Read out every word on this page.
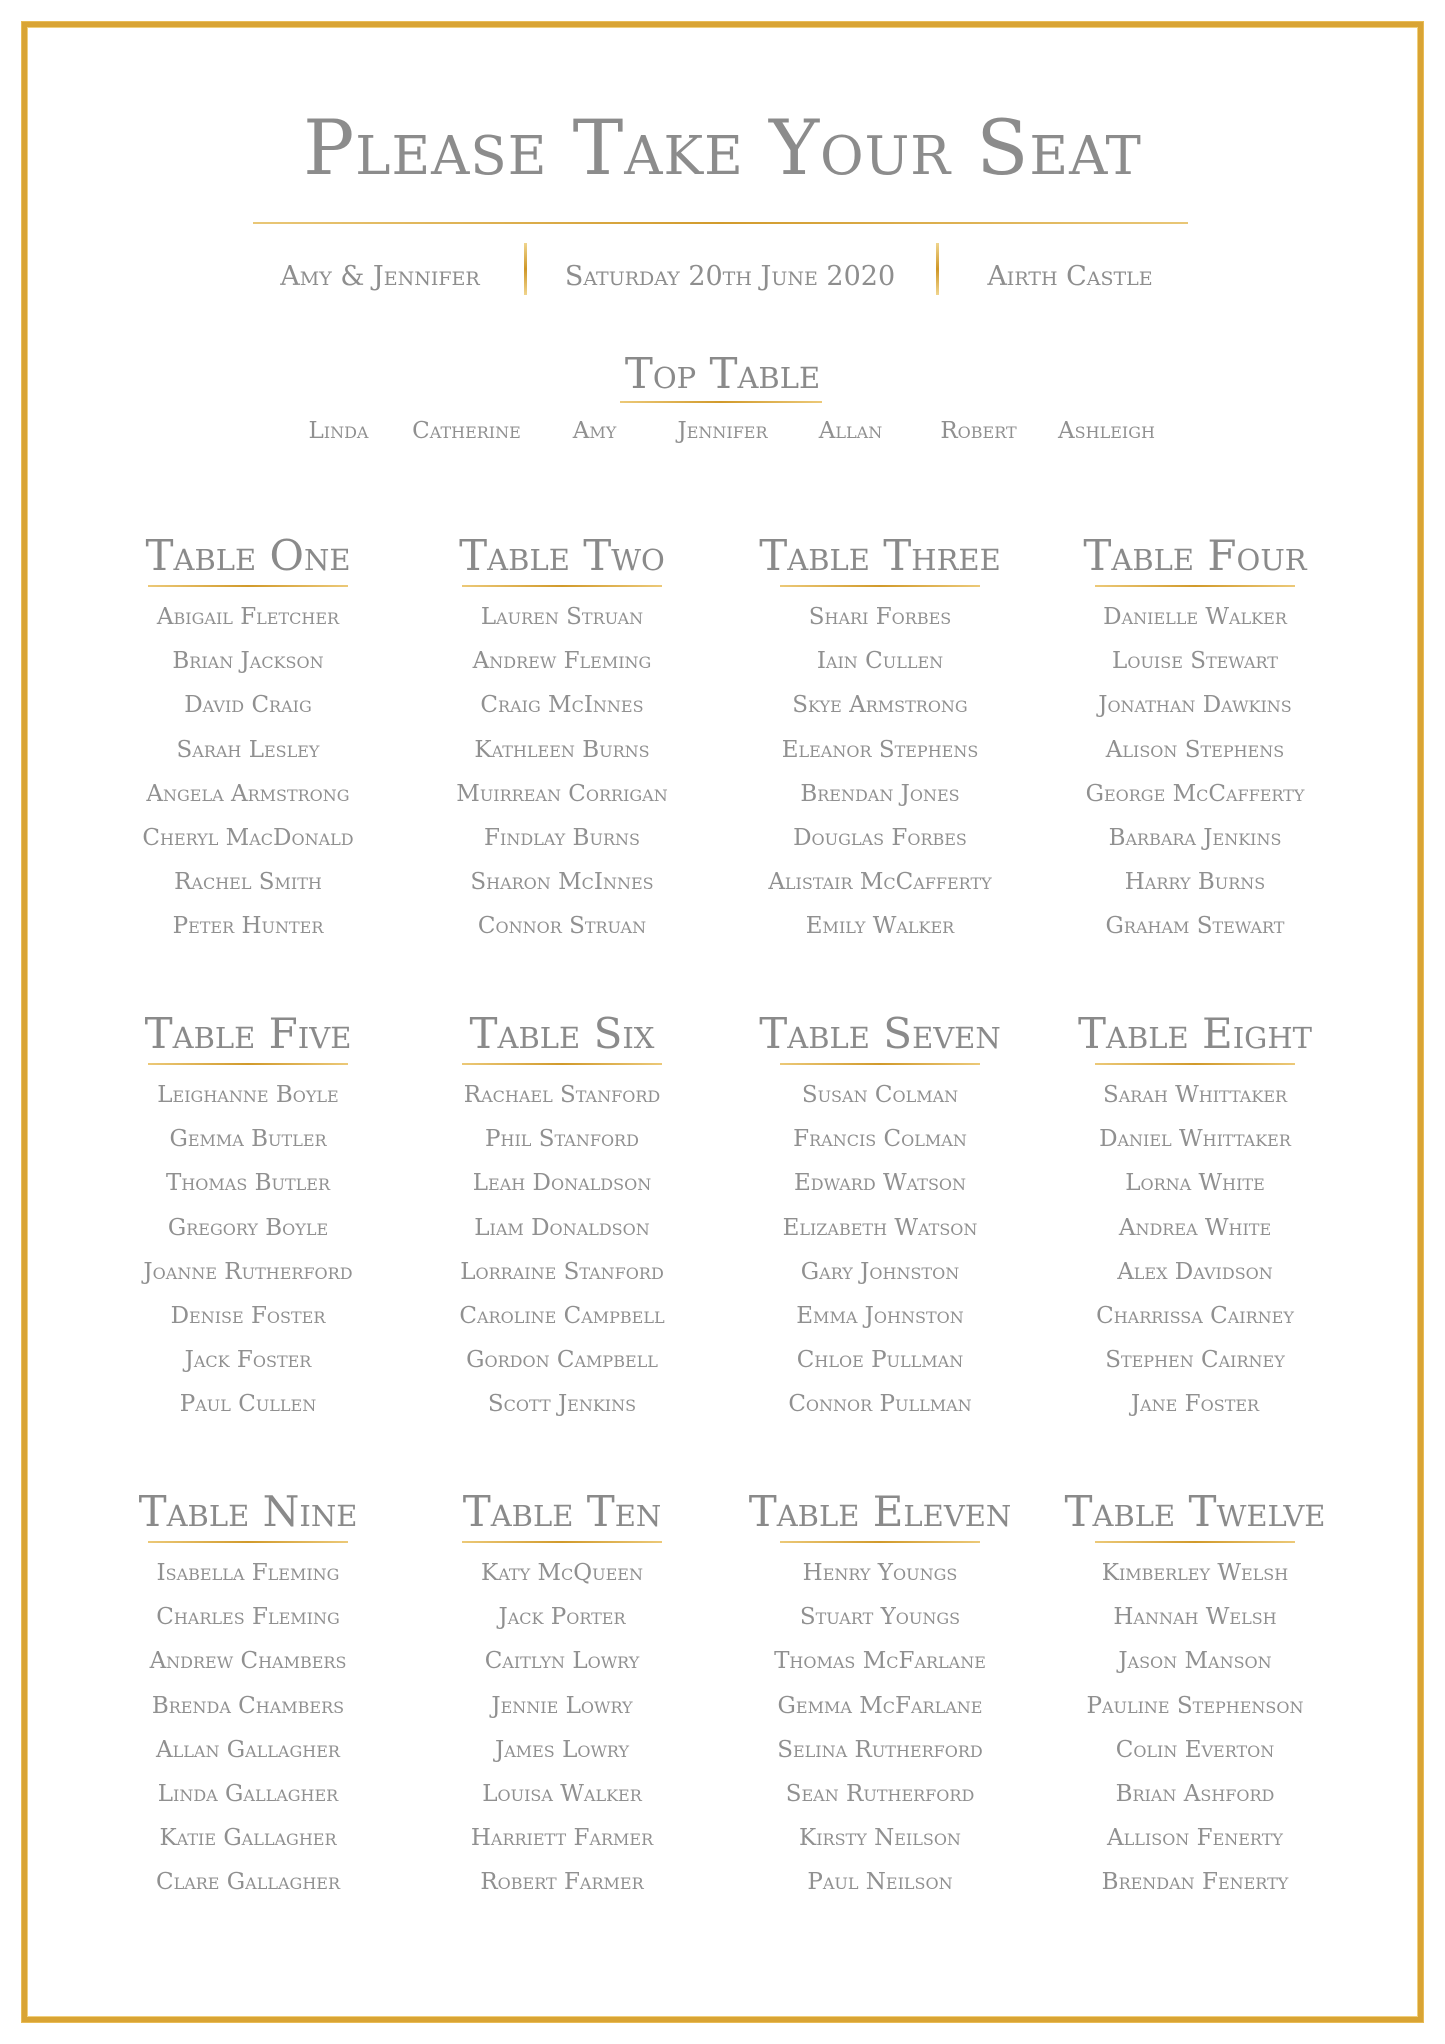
Please Take Your Seat
Amy & Jennifer	Saturday 20th June 2020	Airth Castle
Top Table
Linda	Catherine	Amy	Jennifer	Allan	Robert	Ashleigh
Table One
Abigail Fletcher
Brian Jackson
David Craig
Sarah Lesley
Angela Armstrong
Cheryl MacDonald
Rachel Smith
Peter Hunter
Table Two
Lauren Struan
Andrew Fleming
Craig McInnes
Kathleen Burns
Muirrean Corrigan
Findlay Burns
Sharon McInnes
Connor Struan
Table Three
Shari Forbes
Iain Cullen
Skye Armstrong
Eleanor Stephens
Brendan Jones
Douglas Forbes
Alistair McCafferty
Emily Walker
Table Four
Danielle Walker
Louise Stewart
Jonathan Dawkins
Alison Stephens
George McCafferty
Barbara Jenkins
Harry Burns
Graham Stewart
Table Five
Leighanne Boyle
Gemma Butler
Thomas Butler
Gregory Boyle
Joanne Rutherford
Denise Foster
Jack Foster
Paul Cullen
Table Six
Rachael Stanford
Phil Stanford
Leah Donaldson
Liam Donaldson
Lorraine Stanford
Caroline Campbell
Gordon Campbell
Scott Jenkins
Table Seven
Susan Colman
Francis Colman
Edward Watson
Elizabeth Watson
Gary Johnston
Emma Johnston
Chloe Pullman
Connor Pullman
Table Eight
Sarah Whittaker
Daniel Whittaker
Lorna White
Andrea White
Alex Davidson
Charrissa Cairney
Stephen Cairney
Jane Foster
Table Nine
Isabella Fleming
Charles Fleming
Andrew Chambers
Brenda Chambers
Allan Gallagher
Linda Gallagher
Katie Gallagher
Clare Gallagher
Table Ten
Katy McQueen
Jack Porter
Caitlyn Lowry
Jennie Lowry
James Lowry
Louisa Walker
Harriett Farmer
Robert Farmer
Table Eleven
Henry Youngs
Stuart Youngs
Thomas McFarlane
Gemma McFarlane
Selina Rutherford
Sean Rutherford
Kirsty Neilson
Paul Neilson
Table Twelve
Kimberley Welsh
Hannah Welsh
Jason Manson
Pauline Stephenson
Colin Everton
Brian Ashford
Allison Fenerty
Brendan Fenerty
